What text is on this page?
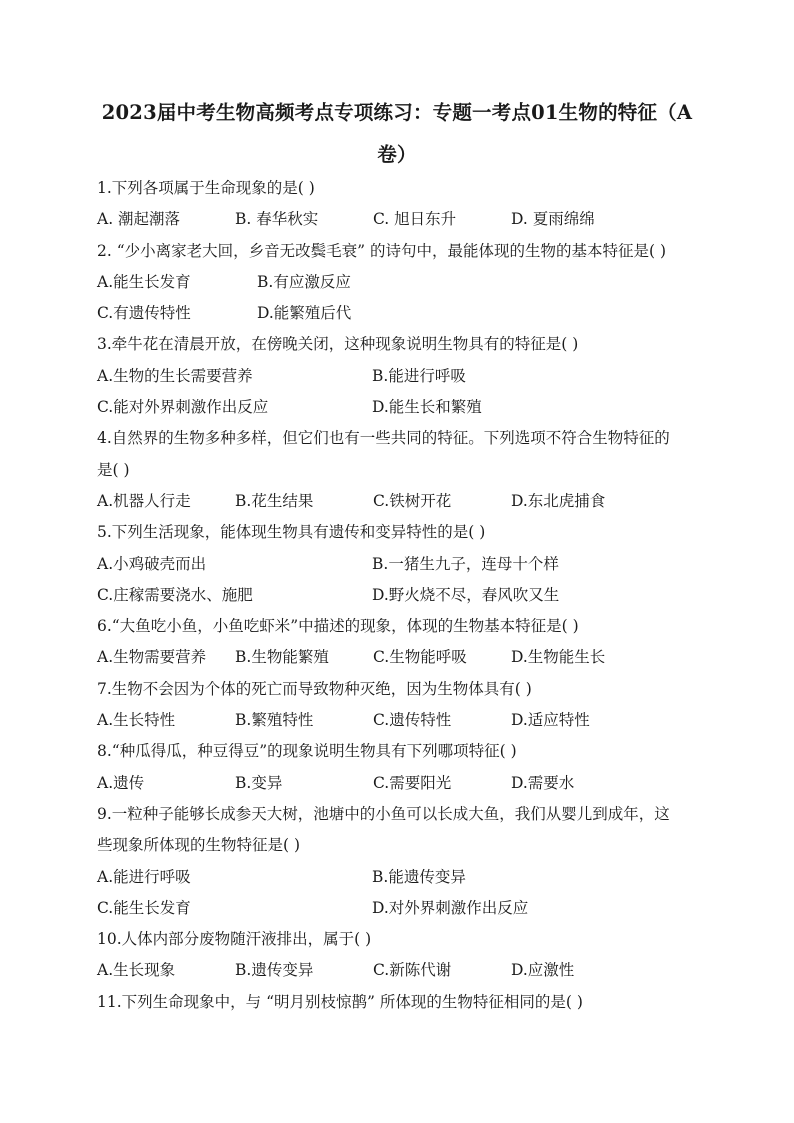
2023届中考生物高频考点专项练习：专题一考点01生物的特征（A
卷）
1.下列各项属于生命现象的是( )
A. 潮起潮落	B. 春华秋实	C. 旭日东升	D. 夏雨绵绵
2. “少小离家老大回，乡音无改鬓毛衰” 的诗句中，最能体现的生物的基本特征是( )
A.能生长发育	B.有应激反应
C.有遗传特性	D.能繁殖后代
3.牵牛花在清晨开放，在傍晚关闭，这种现象说明生物具有的特征是( )
A.生物的生长需要营养	B.能进行呼吸
C.能对外界刺激作出反应	D.能生长和繁殖
4.自然界的生物多种多样，但它们也有一些共同的特征。下列选项不符合生物特征的
是( )
A.机器人行走	B.花生结果	C.铁树开花	D.东北虎捕食
5.下列生活现象，能体现生物具有遗传和变异特性的是( )
A.小鸡破壳而出	B.一猪生九子，连母十个样
C.庄稼需要浇水、施肥	D.野火烧不尽，春风吹又生
6.“大鱼吃小鱼，小鱼吃虾米”中描述的现象，体现的生物基本特征是( )
A.生物需要营养	B.生物能繁殖	C.生物能呼吸	D.生物能生长
7.生物不会因为个体的死亡而导致物种灭绝，因为生物体具有( )
A.生长特性	B.繁殖特性	C.遗传特性	D.适应特性
8.“种瓜得瓜，种豆得豆”的现象说明生物具有下列哪项特征( )
A.遗传	B.变异	C.需要阳光	D.需要水
9.一粒种子能够长成参天大树，池塘中的小鱼可以长成大鱼，我们从婴儿到成年，这
些现象所体现的生物特征是( )
A.能进行呼吸	B.能遗传变异
C.能生长发育	D.对外界刺激作出反应
10.人体内部分废物随汗液排出，属于( )
A.生长现象	B.遗传变异	C.新陈代谢	D.应激性
11.下列生命现象中，与 “明月别枝惊鹊” 所体现的生物特征相同的是( )
